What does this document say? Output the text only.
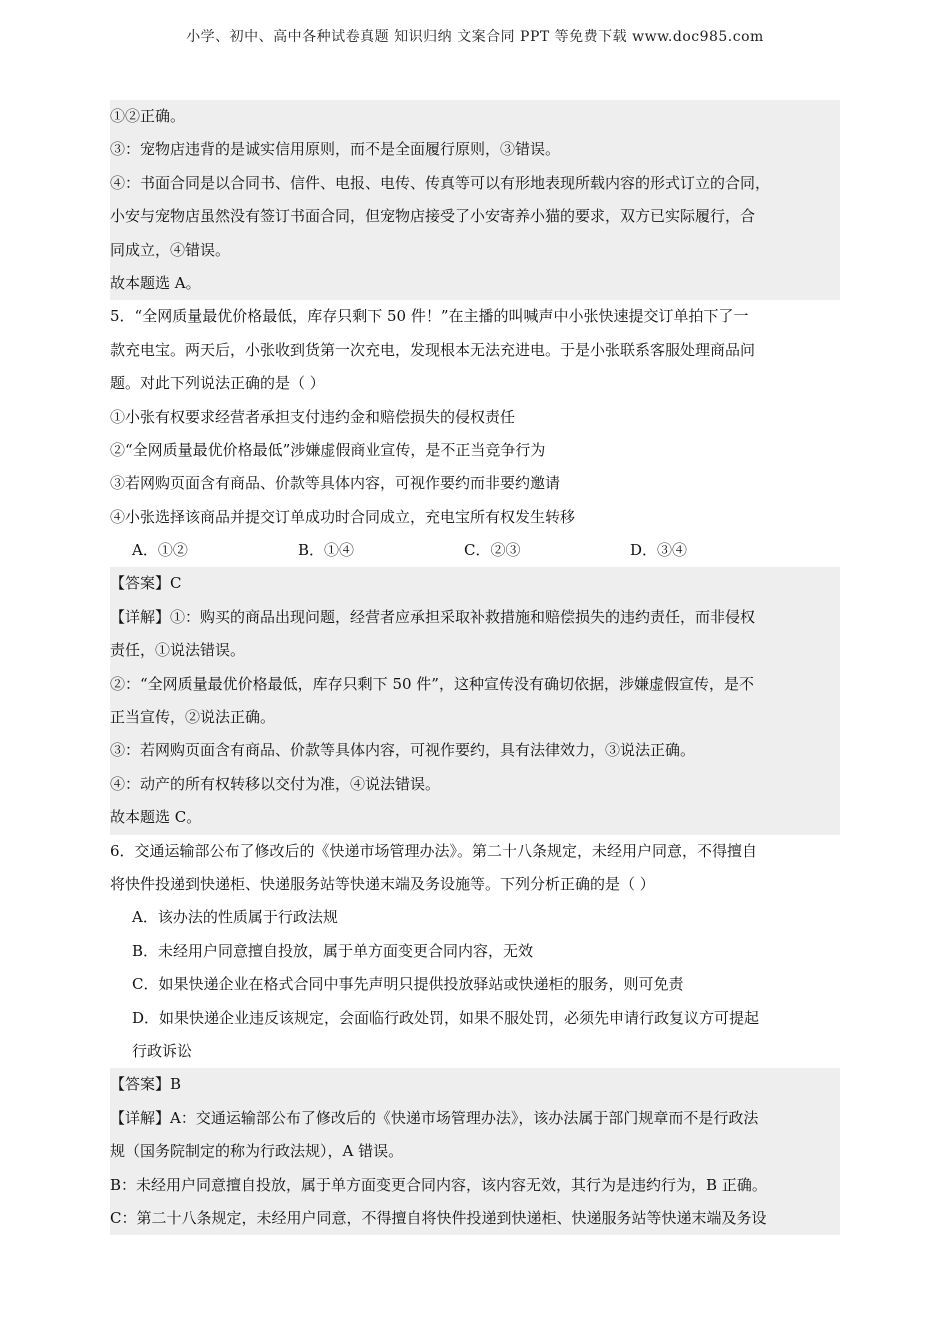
小学、初中、高中各种试卷真题 知识归纳 文案合同 PPT 等免费下载 www.doc985.com
①②正确。
③：宠物店违背的是诚实信用原则，而不是全面履行原则，③错误。
④：书面合同是以合同书、信件、电报、电传、传真等可以有形地表现所载内容的形式订立的合同，
小安与宠物店虽然没有签订书面合同，但宠物店接受了小安寄养小猫的要求，双方已实际履行，合
同成立，④错误。
故本题选 A。
5．“全网质量最优价格最低，库存只剩下 50 件！”在主播的叫喊声中小张快速提交订单拍下了一
款充电宝。两天后，小张收到货第一次充电，发现根本无法充进电。于是小张联系客服处理商品问
题。对此下列说法正确的是（ ）
①小张有权要求经营者承担支付违约金和赔偿损失的侵权责任
②“全网质量最优价格最低”涉嫌虚假商业宣传，是不正当竞争行为
③若网购页面含有商品、价款等具体内容，可视作要约而非要约邀请
④小张选择该商品并提交订单成功时合同成立，充电宝所有权发生转移
A．①②	B．①④	C．②③	D．③④
【答案】C
【详解】①：购买的商品出现问题，经营者应承担采取补救措施和赔偿损失的违约责任，而非侵权
责任，①说法错误。
②：“全网质量最优价格最低，库存只剩下 50 件”，这种宣传没有确切依据，涉嫌虚假宣传，是不
正当宣传，②说法正确。
③：若网购页面含有商品、价款等具体内容，可视作要约，具有法律效力，③说法正确。
④：动产的所有权转移以交付为准，④说法错误。
故本题选 C。
6．交通运输部公布了修改后的《快递市场管理办法》。第二十八条规定，未经用户同意，不得擅自
将快件投递到快递柜、快递服务站等快递末端及务设施等。下列分析正确的是（ ）
A．该办法的性质属于行政法规
B．未经用户同意擅自投放，属于单方面变更合同内容，无效
C．如果快递企业在格式合同中事先声明只提供投放驿站或快递柜的服务，则可免责
D．如果快递企业违反该规定，会面临行政处罚，如果不服处罚，必须先申请行政复议方可提起
行政诉讼
【答案】B
【详解】A：交通运输部公布了修改后的《快递市场管理办法》，该办法属于部门规章而不是行政法
规（国务院制定的称为行政法规），A 错误。
B：未经用户同意擅自投放，属于单方面变更合同内容，该内容无效，其行为是违约行为，B 正确。
C：第二十八条规定，未经用户同意，不得擅自将快件投递到快递柜、快递服务站等快递末端及务设
